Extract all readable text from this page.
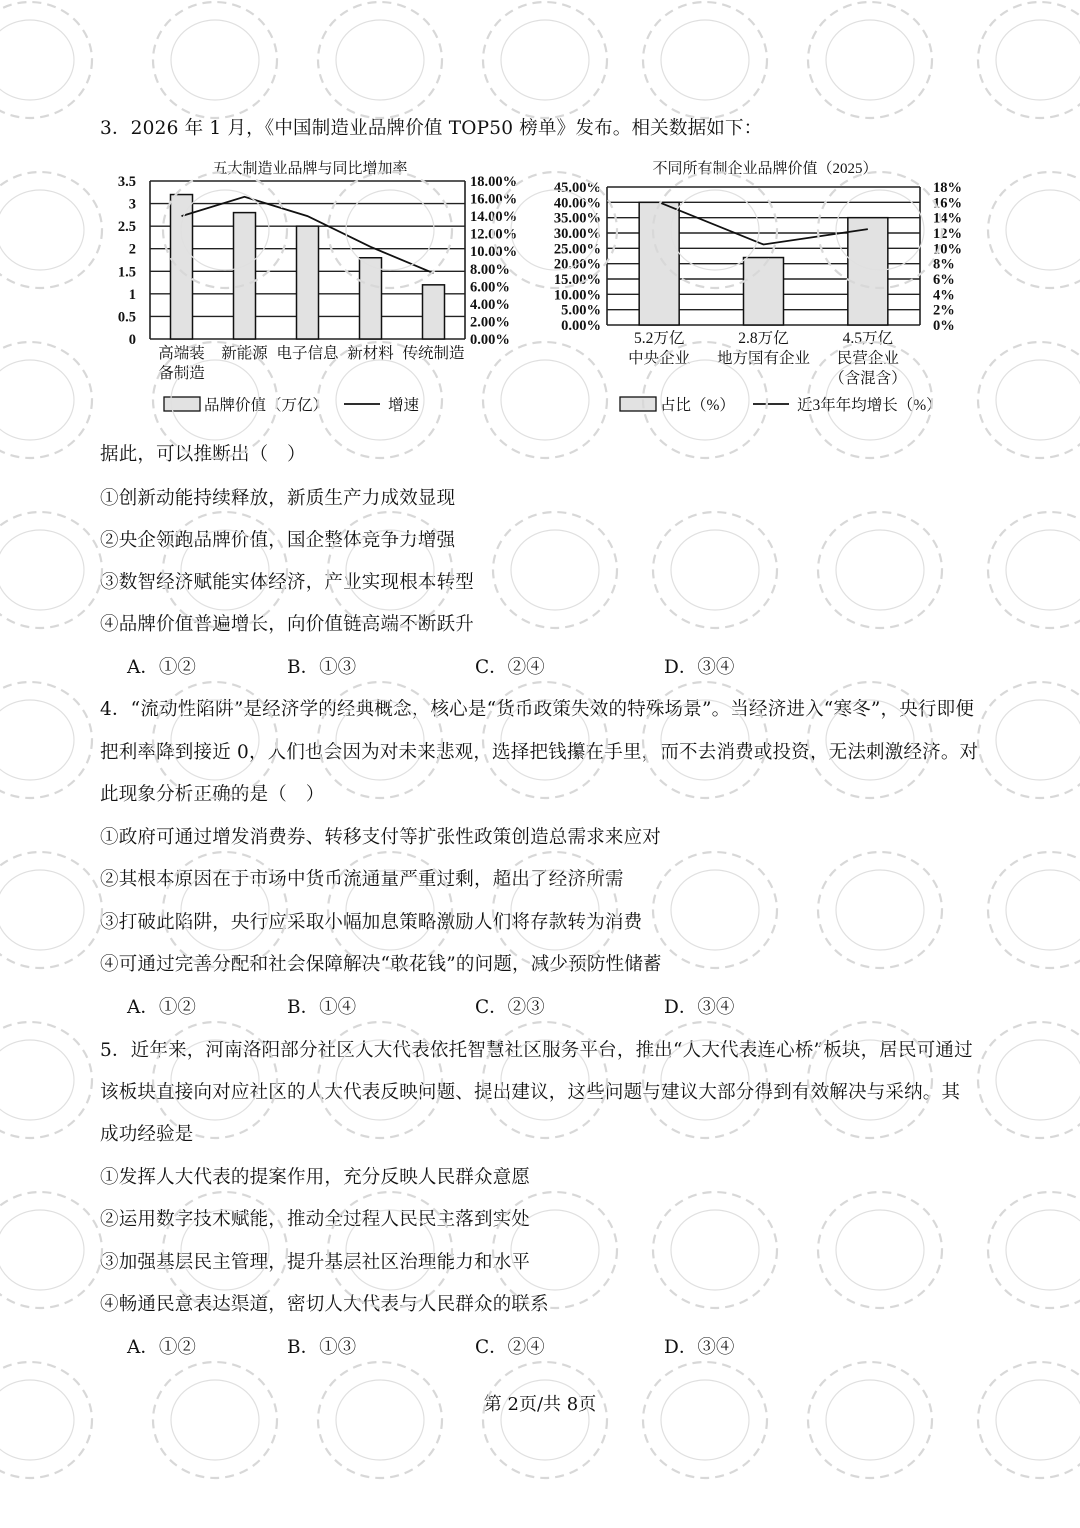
3．2026 年 1 月，《中国制造业品牌价值 TOP50 榜单》发布。相关数据如下：
五大制造业品牌与同比增加率
0
0.5
1
1.5
2
2.5
3
3.5
0.00%
2.00%
4.00%
6.00%
8.00%
10.00%
12.00%
14.00%
16.00%
18.00%
高端装
备制造
新能源 电子信息 新材料 传统制造
品牌价值（万亿）	增速
不同所有制企业品牌价值（2025）
0.00%
5.00%
10.00%
15.00%
20.00%
25.00%
30.00%
35.00%
40.00%
45.00%
0%
2%
4%
6%
8%
10%
12%
14%
16%
18%
5.2万亿
中央企业
2.8万亿
地方国有企业
4.5万亿
民营企业
（含混含）
占比（%）	近3年年均增长（%）
据此，可以推断出（　）
①创新动能持续释放，新质生产力成效显现
②央企领跑品牌价值，国企整体竞争力增强
③数智经济赋能实体经济，产业实现根本转型
④品牌价值普遍增长，向价值链高端不断跃升
A．①②	B．①③	C．②④	D．③④
4．“流动性陷阱”是经济学的经典概念，核心是“货币政策失效的特殊场景”。当经济进入“寒冬”，央行即便
把利率降到接近 0，人们也会因为对未来悲观，选择把钱攥在手里，而不去消费或投资，无法刺激经济。对
此现象分析正确的是（　）
①政府可通过增发消费券、转移支付等扩张性政策创造总需求来应对
②其根本原因在于市场中货币流通量严重过剩，超出了经济所需
③打破此陷阱，央行应采取小幅加息策略激励人们将存款转为消费
④可通过完善分配和社会保障解决“敢花钱”的问题，减少预防性储蓄
A．①②	B．①④	C．②③	D．③④
5．近年来，河南洛阳部分社区人大代表依托智慧社区服务平台，推出“人大代表连心桥”板块，居民可通过
该板块直接向对应社区的人大代表反映问题、提出建议，这些问题与建议大部分得到有效解决与采纳。其
成功经验是
①发挥人大代表的提案作用，充分反映人民群众意愿
②运用数字技术赋能，推动全过程人民民主落到实处
③加强基层民主管理，提升基层社区治理能力和水平
④畅通民意表达渠道，密切人大代表与人民群众的联系
A．①②	B．①③	C．②④	D．③④
第 2页/共 8页
